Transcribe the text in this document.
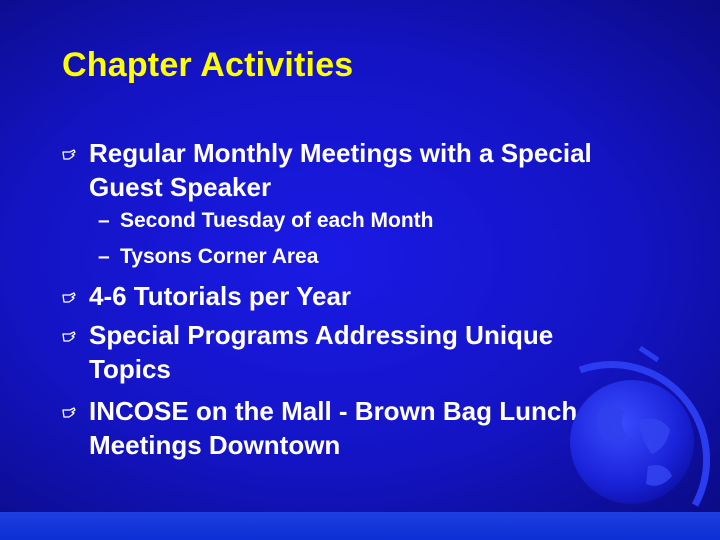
Chapter Activities
Regular Monthly Meetings with a Special
Guest Speaker
– Second Tuesday of each Month
– Tysons Corner Area
4-6 Tutorials per Year
Special Programs Addressing Unique
Topics
INCOSE on the Mall - Brown Bag Lunch
Meetings Downtown
